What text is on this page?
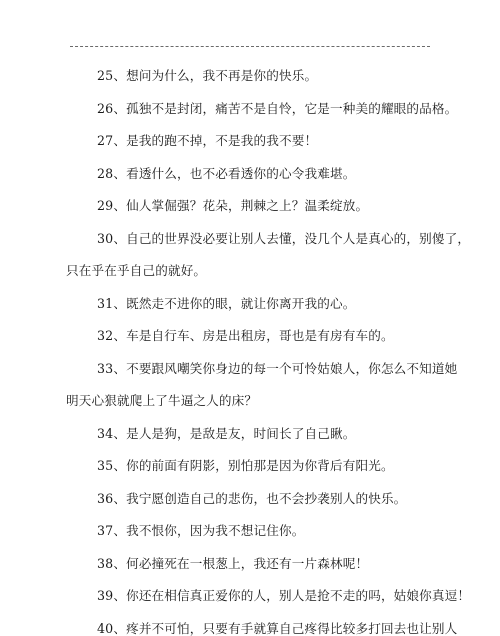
25、想问为什么，我不再是你的快乐。
26、孤独不是封闭，痛苦不是自怜，它是一种美的耀眼的品格。
27、是我的跑不掉，不是我的我不要！
28、看透什么，也不必看透你的心令我难堪。
29、仙人掌倔强？花朵，荆棘之上？温柔绽放。
30、自己的世界没必要让别人去懂，没几个人是真心的，别傻了，
只在乎在乎自己的就好。
31、既然走不进你的眼，就让你离开我的心。
32、车是自行车、房是出租房，哥也是有房有车的。
33、不要跟风嘲笑你身边的每一个可怜姑娘人，你怎么不知道她
明天心狠就爬上了牛逼之人的床？
34、是人是狗，是敌是友，时间长了自己瞅。
35、你的前面有阴影，别怕那是因为你背后有阳光。
36、我宁愿创造自己的悲伤，也不会抄袭别人的快乐。
37、我不恨你，因为我不想记住你。
38、何必撞死在一根葱上，我还有一片森林呢！
39、你还在相信真正爱你的人，别人是抢不走的吗，姑娘你真逗！
40、疼并不可怕，只要有手就算自己疼得比较多打回去也让别人
